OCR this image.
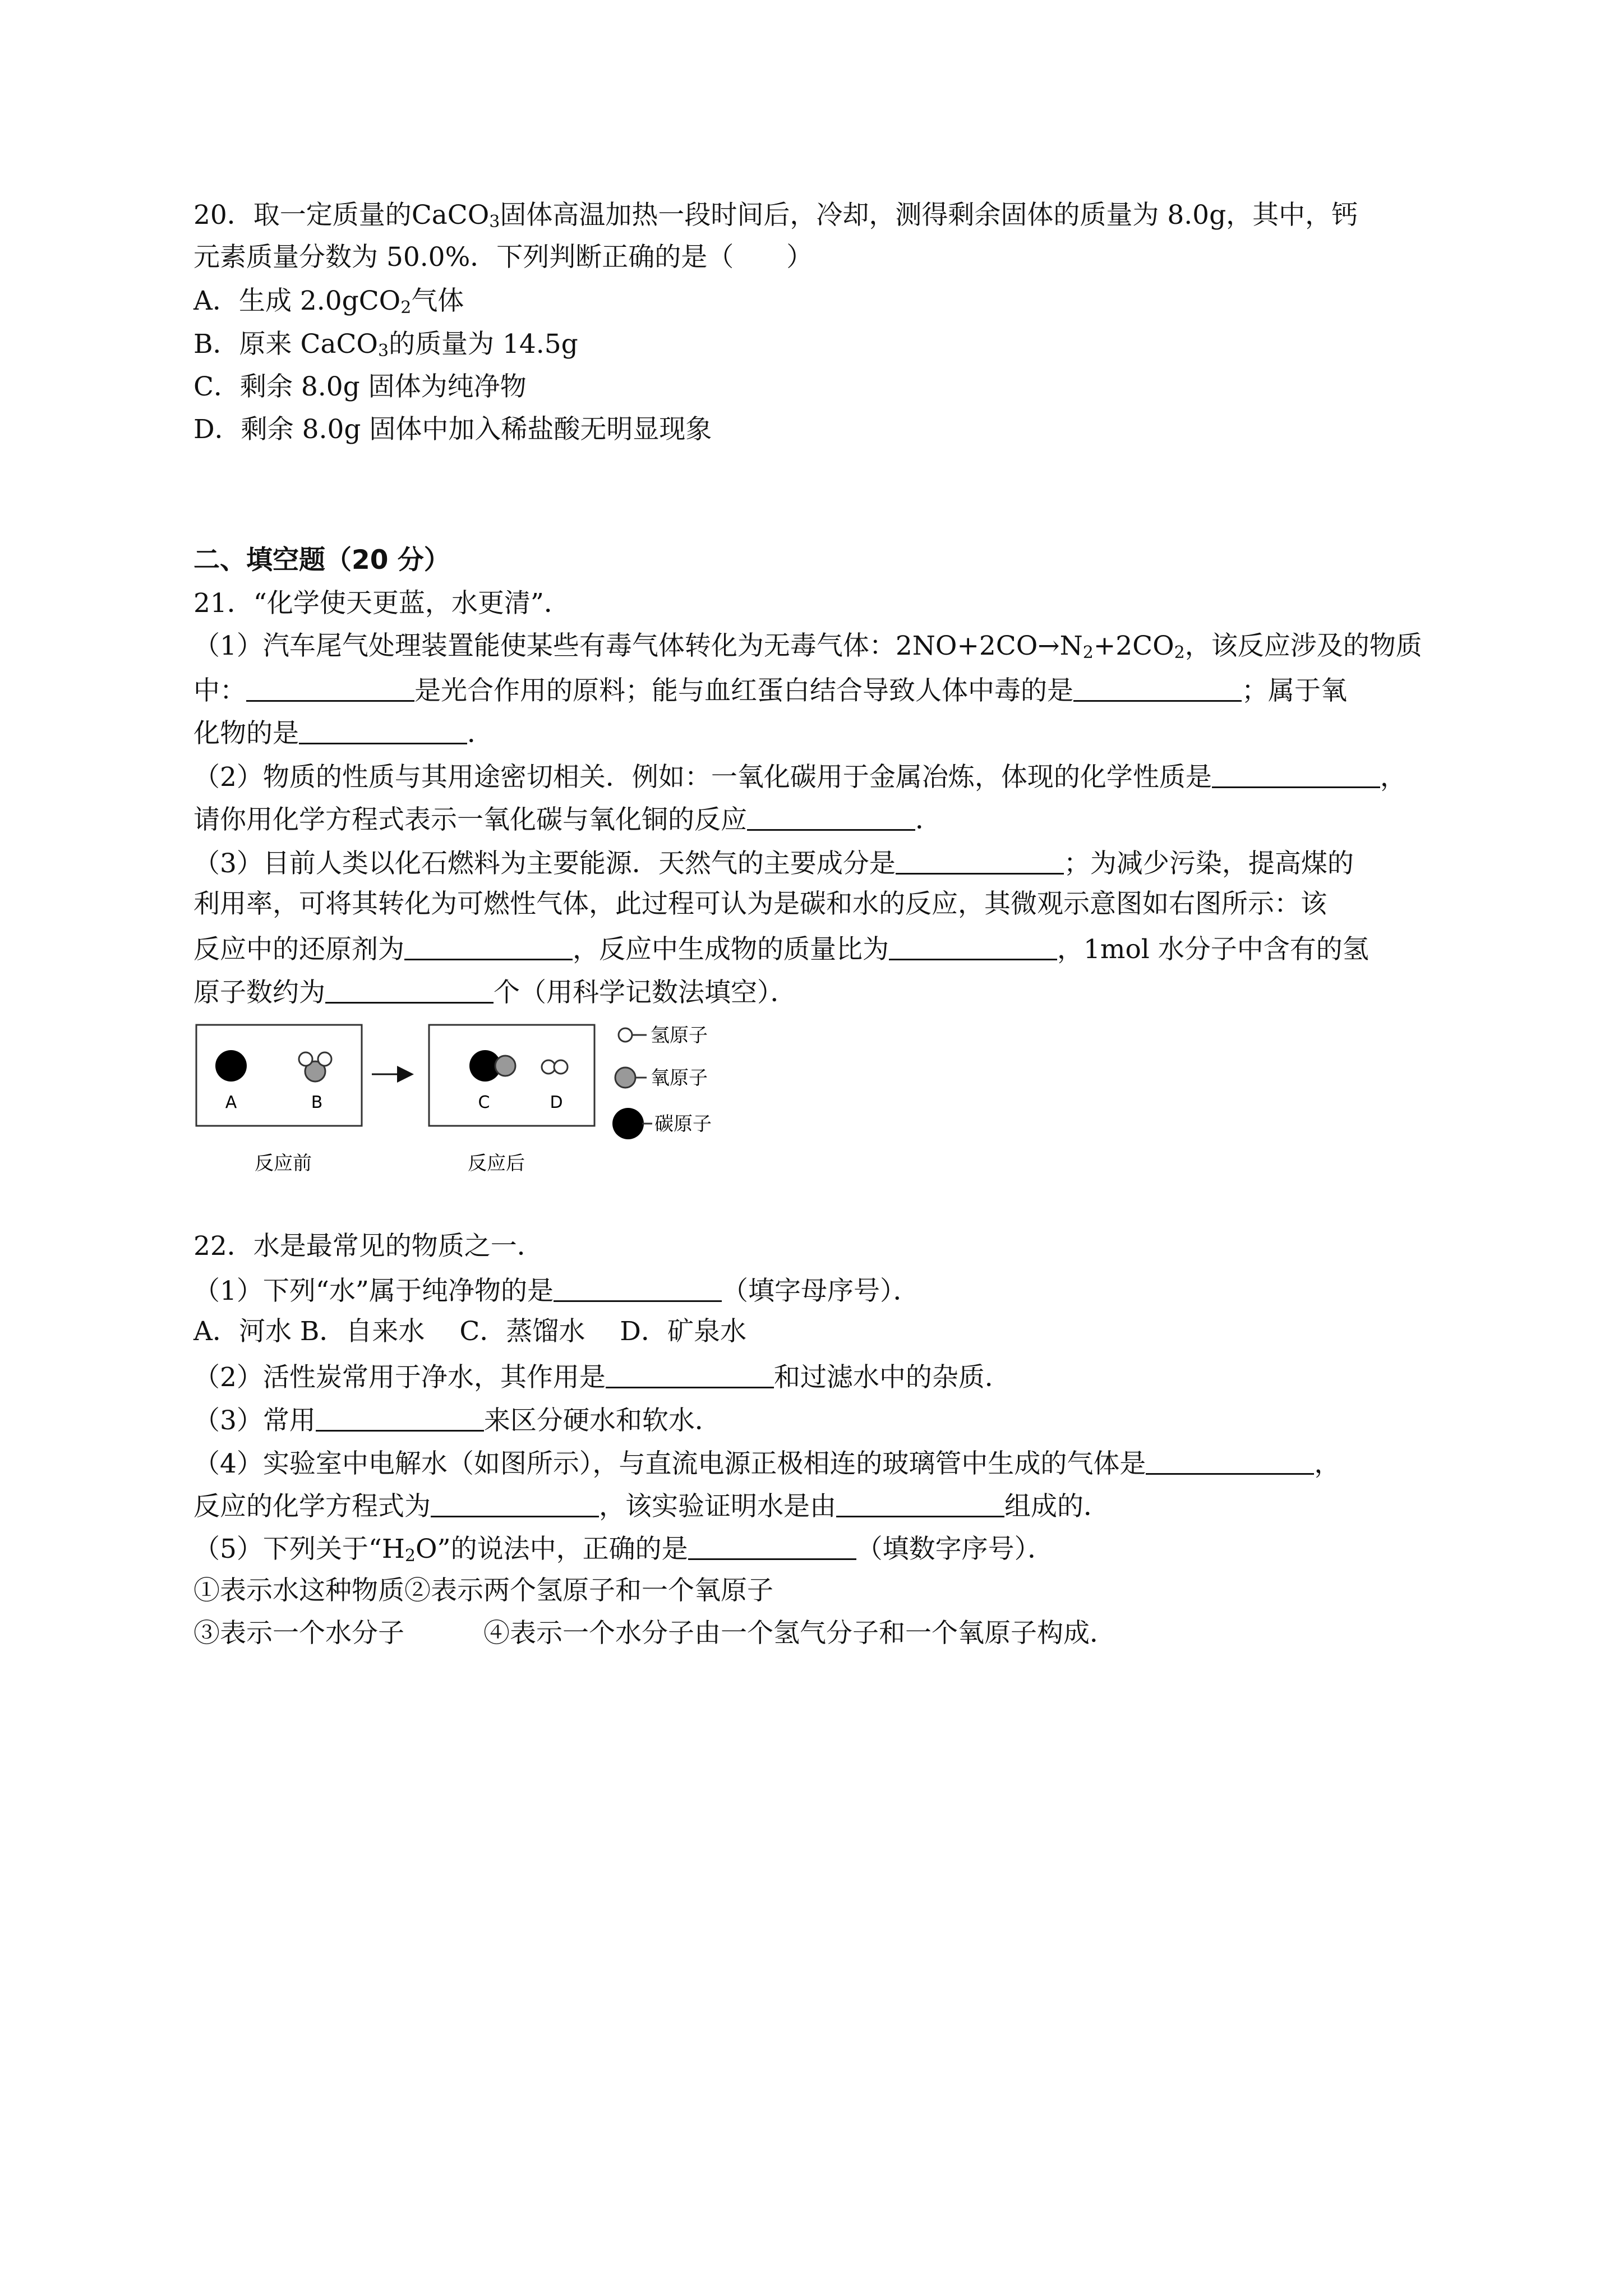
20．取一定质量的CaCO$_3$固体高温加热一段时间后，冷却，测得剩余固体的质量为 8.0g，其中，钙
元素质量分数为 50.0%．下列判断正确的是（　　）
A．生成 2.0gCO$_2$气体
B．原来 CaCO$_3$的质量为 14.5g
C．剩余 8.0g 固体为纯净物
D．剩余 8.0g 固体中加入稀盐酸无明显现象
二、填空题（20 分）
21．“化学使天更蓝，水更清”．
（1）汽车尾气处理装置能使某些有毒气体转化为无毒气体：$2NO+2CO\to N_2+2CO_2$，该反应涉及的物质
中：	是光合作用的原料；能与血红蛋白结合导致人体中毒的是	；属于氧
化物的是	．
（2）物质的性质与其用途密切相关．例如：一氧化碳用于金属冶炼，体现的化学性质是	，
请你用化学方程式表示一氧化碳与氧化铜的反应	．
（3）目前人类以化石燃料为主要能源．天然气的主要成分是	；为减少污染，提高煤的
利用率，可将其转化为可燃性气体，此过程可认为是碳和水的反应，其微观示意图如右图所示：该
反应中的还原剂为	，反应中生成物的质量比为	，1mol 水分子中含有的氢
原子数约为	个（用科学记数法填空）．
A	B	C	D
反应前	反应后
氢原子
氧原子
碳原子
22．水是最常见的物质之一．
（1）下列“水”属于纯净物的是	（填字母序号）．
A．河水 B．自来水　 C．蒸馏水　 D．矿泉水
（2）活性炭常用于净水，其作用是	和过滤水中的杂质．
（3）常用	来区分硬水和软水．
（4）实验室中电解水（如图所示），与直流电源正极相连的玻璃管中生成的气体是	，
反应的化学方程式为	，该实验证明水是由	组成的．
（5）下列关于“$H_2O$”的说法中，正确的是	（填数字序号）．
①表示水这种物质②表示两个氢原子和一个氧原子
③表示一个水分子　　　④表示一个水分子由一个氢气分子和一个氧原子构成．
